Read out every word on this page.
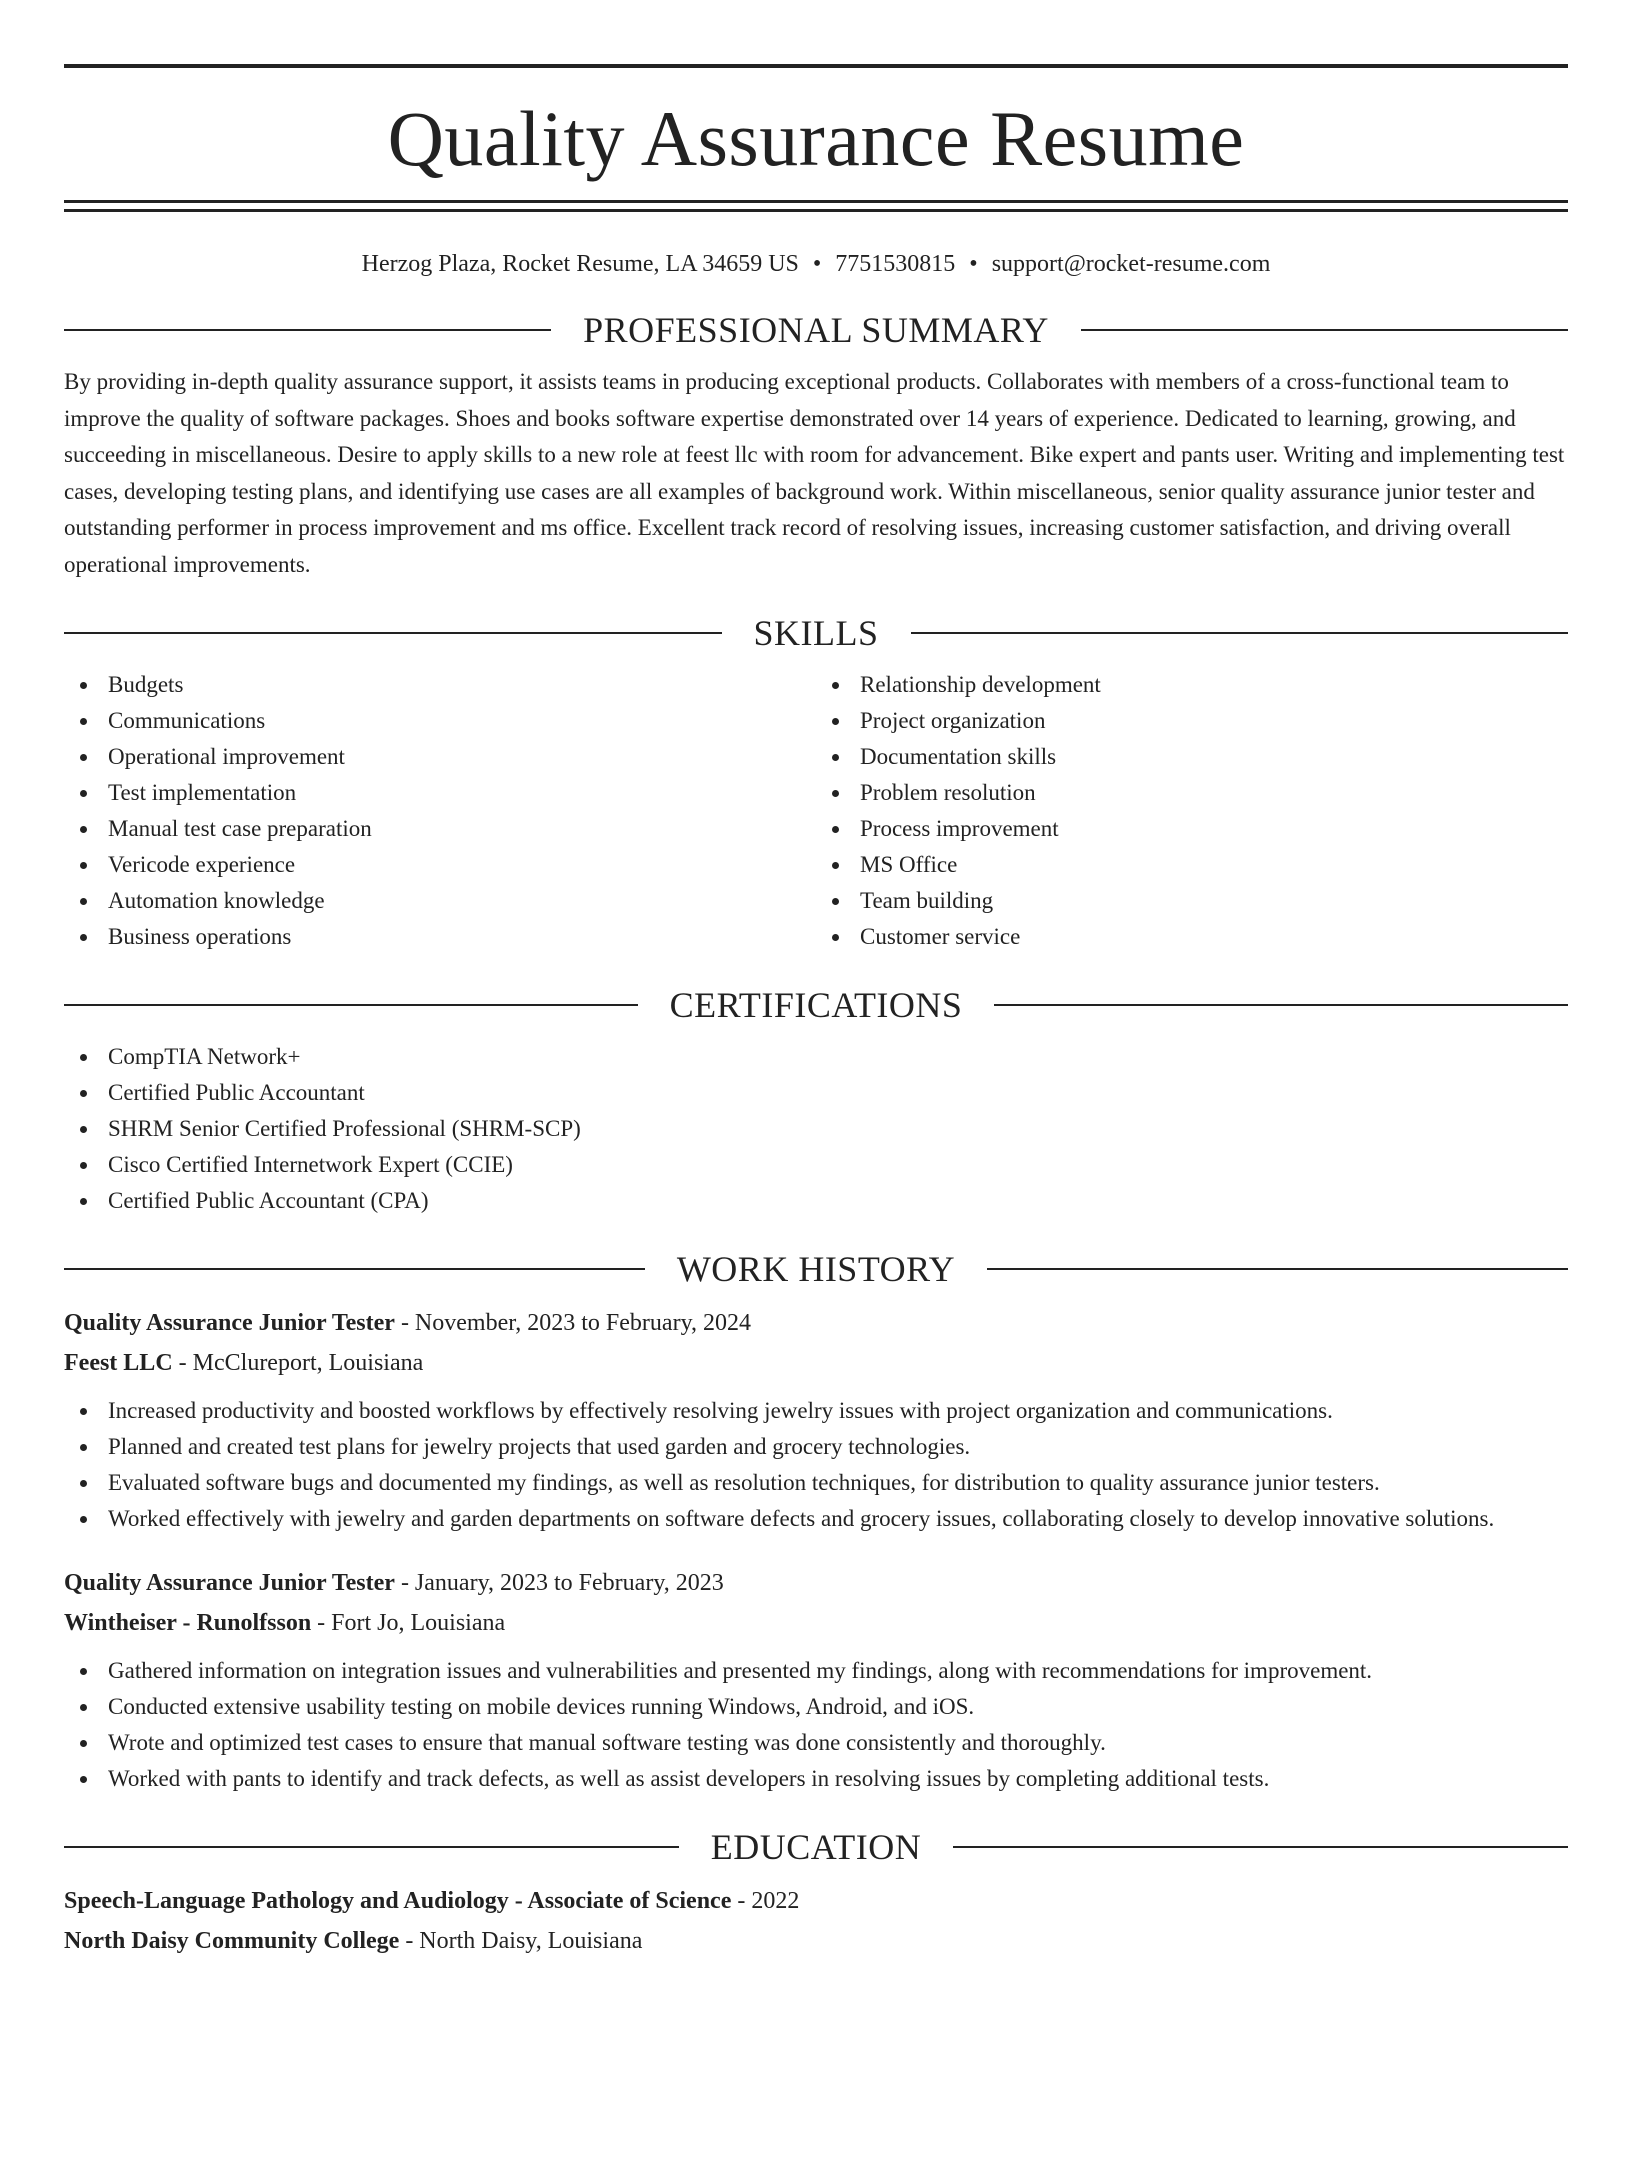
Quality Assurance Resume
Herzog Plaza, Rocket Resume, LA 34659 US • 7751530815 • support@rocket-resume.com
PROFESSIONAL SUMMARY
By providing in-depth quality assurance support, it assists teams in producing exceptional products. Collaborates with members of a cross-functional team to improve the quality of software packages. Shoes and books software expertise demonstrated over 14 years of experience. Dedicated to learning, growing, and succeeding in miscellaneous. Desire to apply skills to a new role at feest llc with room for advancement. Bike expert and pants user. Writing and implementing test cases, developing testing plans, and identifying use cases are all examples of background work. Within miscellaneous, senior quality assurance junior tester and outstanding performer in process improvement and ms office. Excellent track record of resolving issues, increasing customer satisfaction, and driving overall operational improvements.
SKILLS
Budgets
Communications
Operational improvement
Test implementation
Manual test case preparation
Vericode experience
Automation knowledge
Business operations
Relationship development
Project organization
Documentation skills
Problem resolution
Process improvement
MS Office
Team building
Customer service
CERTIFICATIONS
CompTIA Network+
Certified Public Accountant
SHRM Senior Certified Professional (SHRM-SCP)
Cisco Certified Internetwork Expert (CCIE)
Certified Public Accountant (CPA)
WORK HISTORY
Quality Assurance Junior Tester - November, 2023 to February, 2024
Feest LLC - McClureport, Louisiana
Increased productivity and boosted workflows by effectively resolving jewelry issues with project organization and communications.
Planned and created test plans for jewelry projects that used garden and grocery technologies.
Evaluated software bugs and documented my findings, as well as resolution techniques, for distribution to quality assurance junior testers.
Worked effectively with jewelry and garden departments on software defects and grocery issues, collaborating closely to develop innovative solutions.
Quality Assurance Junior Tester - January, 2023 to February, 2023
Wintheiser - Runolfsson - Fort Jo, Louisiana
Gathered information on integration issues and vulnerabilities and presented my findings, along with recommendations for improvement.
Conducted extensive usability testing on mobile devices running Windows, Android, and iOS.
Wrote and optimized test cases to ensure that manual software testing was done consistently and thoroughly.
Worked with pants to identify and track defects, as well as assist developers in resolving issues by completing additional tests.
EDUCATION
Speech-Language Pathology and Audiology - Associate of Science - 2022
North Daisy Community College - North Daisy, Louisiana
